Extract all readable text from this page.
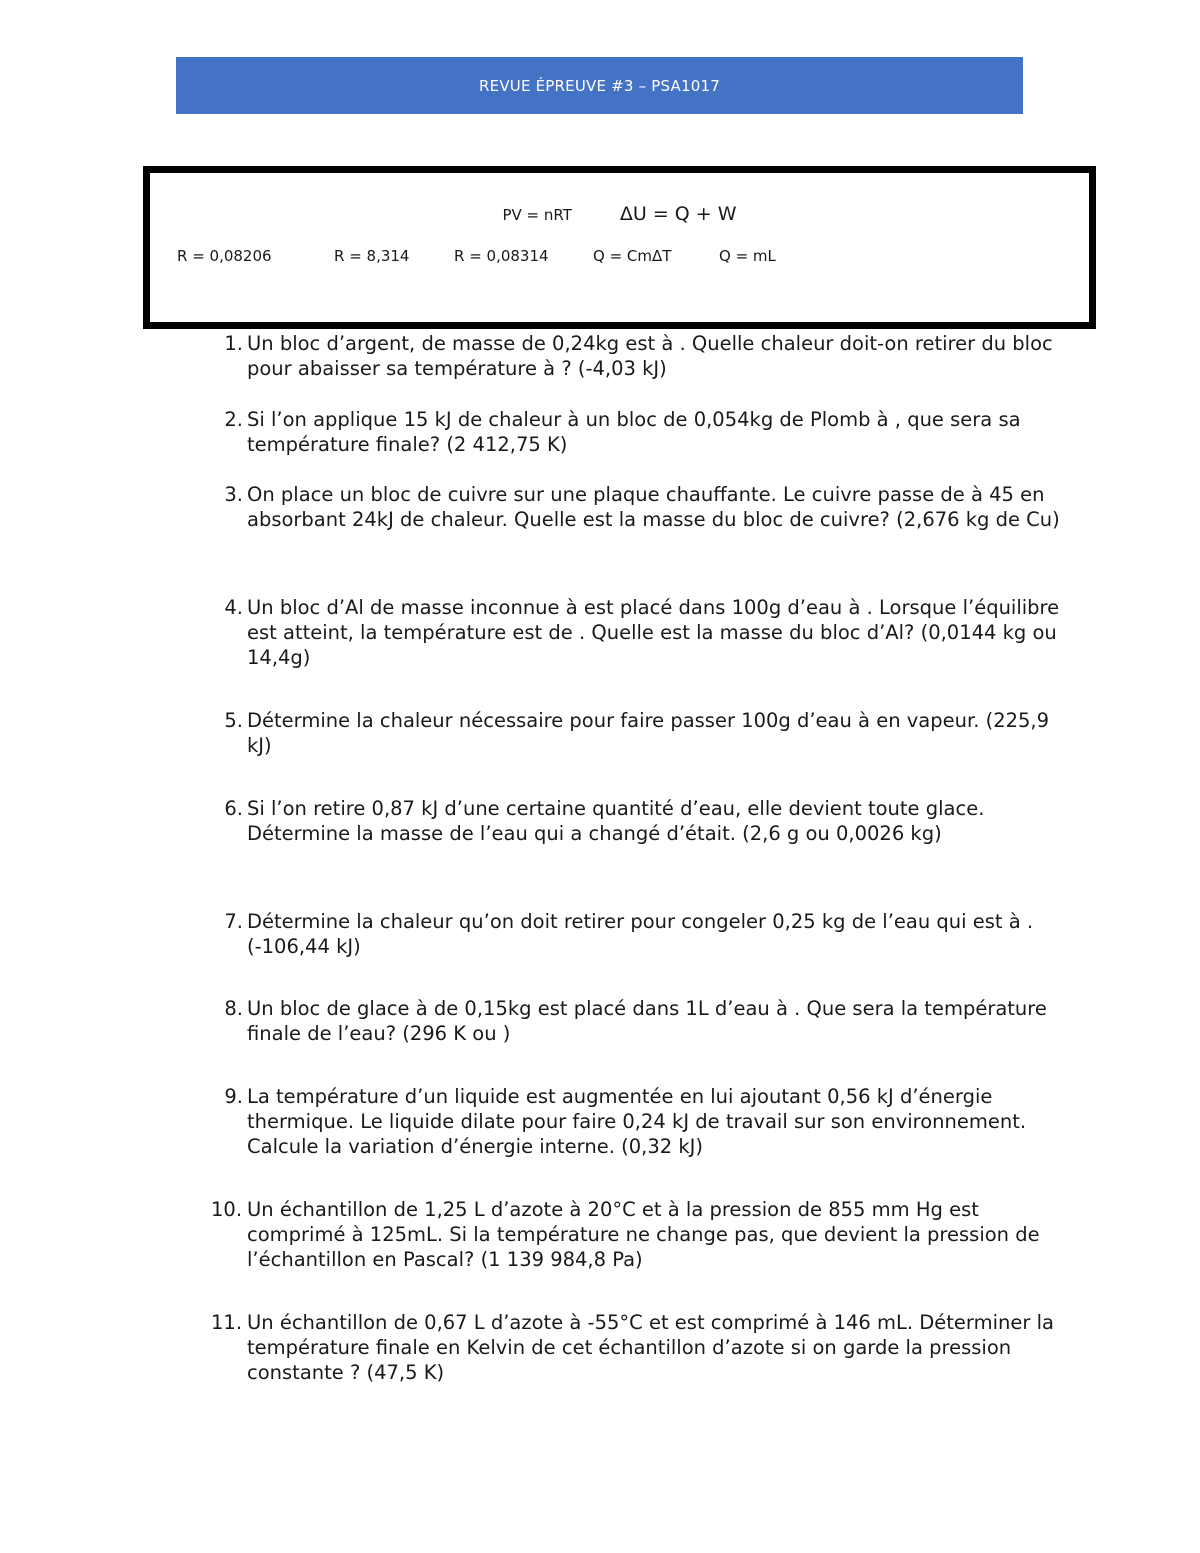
REVUE ÉPREUVE #3 – PSA1017
PV = nRT	ΔU = Q + W
R = 0,08206	R = 8,314	R = 0,08314	Q = CmΔT	Q = mL
1. Un bloc d’argent, de masse de 0,24kg est à . Quelle chaleur doit-on retirer du bloc pour abaisser sa température à ? (-4,03 kJ)
2. Si l’on applique 15 kJ de chaleur à un bloc de 0,054kg de Plomb à , que sera sa température finale? (2 412,75 K)
3. On place un bloc de cuivre sur une plaque chauffante. Le cuivre passe de à 45 en absorbant 24kJ de chaleur. Quelle est la masse du bloc de cuivre? (2,676 kg de Cu)
4. Un bloc d’Al de masse inconnue à est placé dans 100g d’eau à . Lorsque l’équilibre est atteint, la température est de . Quelle est la masse du bloc d’Al? (0,0144 kg ou 14,4g)
5. Détermine la chaleur nécessaire pour faire passer 100g d’eau à en vapeur. (225,9 kJ)
6. Si l’on retire 0,87 kJ d’une certaine quantité d’eau, elle devient toute glace. Détermine la masse de l’eau qui a changé d’était. (2,6 g ou 0,0026 kg)
7. Détermine la chaleur qu’on doit retirer pour congeler 0,25 kg de l’eau qui est à . (-106,44 kJ)
8. Un bloc de glace à de 0,15kg est placé dans 1L d’eau à . Que sera la température finale de l’eau? (296 K ou )
9. La température d’un liquide est augmentée en lui ajoutant 0,56 kJ d’énergie thermique. Le liquide dilate pour faire 0,24 kJ de travail sur son environnement. Calcule la variation d’énergie interne. (0,32 kJ)
10. Un échantillon de 1,25 L d’azote à 20°C et à la pression de 855 mm Hg est comprimé à 125mL. Si la température ne change pas, que devient la pression de l’échantillon en Pascal? (1 139 984,8 Pa)
11. Un échantillon de 0,67 L d’azote à -55°C et est comprimé à 146 mL. Déterminer la température finale en Kelvin de cet échantillon d’azote si on garde la pression constante ? (47,5 K)
